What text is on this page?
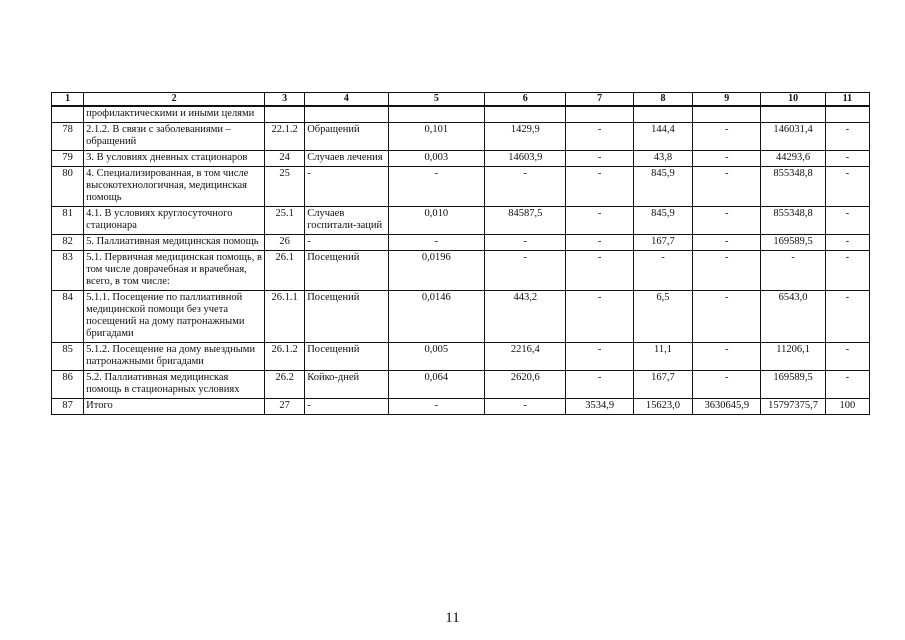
1	2	3	4	5	6	7	8	9	10	11
	профилактическими и иными целями									
78	2.1.2. В связи с заболеваниями – обращений	22.1.2	Обращений	0,101	1429,9	-	144,4	-	146031,4	-
79	3. В условиях дневных стационаров	24	Случаев лечения	0,003	14603,9	-	43,8	-	44293,6	-
80	4. Специализированная, в том числе высокотехнологичная, медицинская помощь	25	-	-	-	-	845,9	-	855348,8	-
81	4.1. В условиях круглосуточного стационара	25.1	Случаев госпитали-заций	0,010	84587,5	-	845,9	-	855348,8	-
82	5. Паллиативная медицинская помощь	26	-	-	-	-	167,7	-	169589,5	-
83	5.1. Первичная медицинская помощь, в том числе доврачебная и врачебная, всего, в том числе:	26.1	Посещений	0,0196	-	-	-	-	-	-
84	5.1.1. Посещение по паллиативной медицинской помощи без учета посещений на дому патронажными бригадами	26.1.1	Посещений	0,0146	443,2	-	6,5	-	6543,0	-
85	5.1.2. Посещение на дому выездными патронажными бригадами	26.1.2	Посещений	0,005	2216,4	-	11,1	-	11206,1	-
86	5.2. Паллиативная медицинская помощь в стационарных условиях	26.2	Койко-дней	0,064	2620,6	-	167,7	-	169589,5	-
87	Итого	27	-	-	-	3534,9	15623,0	3630645,9	15797375,7	100
11
